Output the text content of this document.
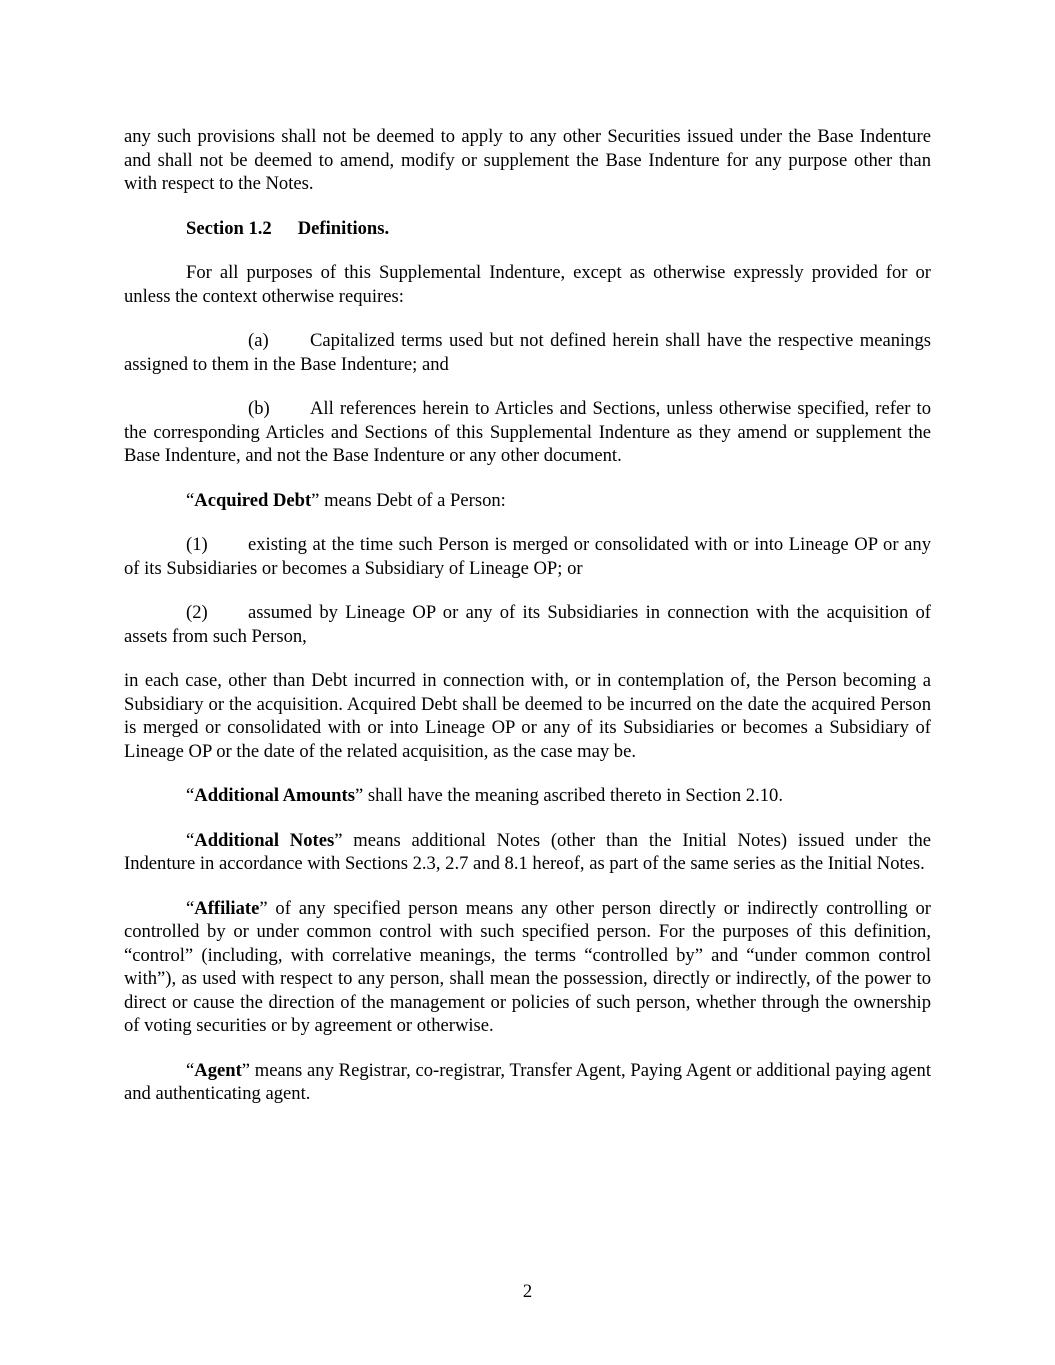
any such provisions shall not be deemed to apply to any other Securities issued under the Base Indenture and shall not be deemed to amend, modify or supplement the Base Indenture for any purpose other than with respect to the Notes.

Section 1.2 Definitions.

For all purposes of this Supplemental Indenture, except as otherwise expressly provided for or unless the context otherwise requires:

(a) Capitalized terms used but not defined herein shall have the respective meanings assigned to them in the Base Indenture; and

(b) All references herein to Articles and Sections, unless otherwise specified, refer to the corresponding Articles and Sections of this Supplemental Indenture as they amend or supplement the Base Indenture, and not the Base Indenture or any other document.

“Acquired Debt” means Debt of a Person:

(1) existing at the time such Person is merged or consolidated with or into Lineage OP or any of its Subsidiaries or becomes a Subsidiary of Lineage OP; or

(2) assumed by Lineage OP or any of its Subsidiaries in connection with the acquisition of assets from such Person,

in each case, other than Debt incurred in connection with, or in contemplation of, the Person becoming a Subsidiary or the acquisition. Acquired Debt shall be deemed to be incurred on the date the acquired Person is merged or consolidated with or into Lineage OP or any of its Subsidiaries or becomes a Subsidiary of Lineage OP or the date of the related acquisition, as the case may be.

“Additional Amounts” shall have the meaning ascribed thereto in Section 2.10.

“Additional Notes” means additional Notes (other than the Initial Notes) issued under the Indenture in accordance with Sections 2.3, 2.7 and 8.1 hereof, as part of the same series as the Initial Notes.

“Affiliate” of any specified person means any other person directly or indirectly controlling or controlled by or under common control with such specified person. For the purposes of this definition, “control” (including, with correlative meanings, the terms “controlled by” and “under common control with”), as used with respect to any person, shall mean the possession, directly or indirectly, of the power to direct or cause the direction of the management or policies of such person, whether through the ownership of voting securities or by agreement or otherwise.

“Agent” means any Registrar, co-registrar, Transfer Agent, Paying Agent or additional paying agent and authenticating agent.

2
